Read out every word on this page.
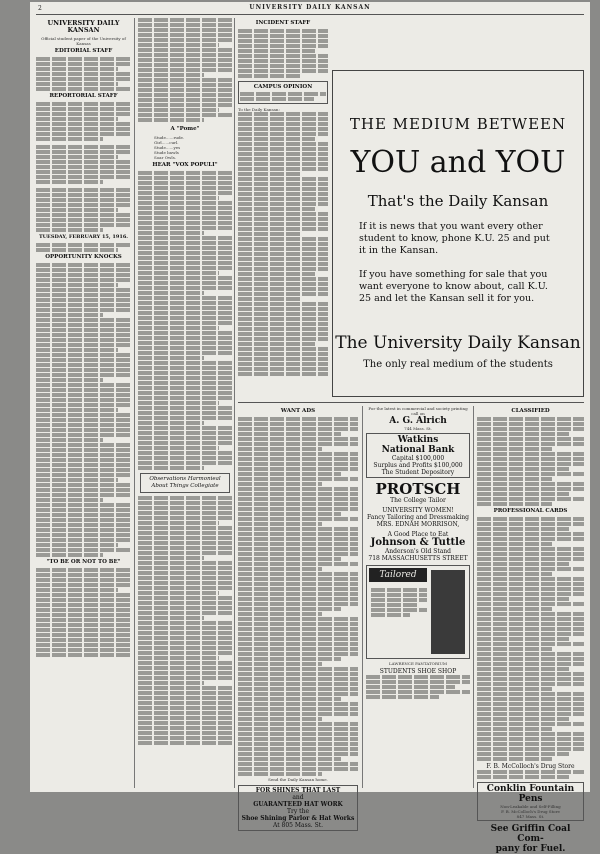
2	UNIVERSITY DAILY KANSAN
UNIVERSITY DAILY KANSAN
Official student paper of the University of Kansas
EDITORIAL STAFF
REPORTORIAL STAFF
TUESDAY, FEBRUARY 15, 1916.
OPPORTUNITY KNOCKS
"TO BE OR NOT TO BE"
A "Pome"
Stude......rude.
Girl......curl.
Stude......yes
Stude bawls
Soar Owls.
HEAR "VOX POPULI"
Observations Harmonieal About Things Collegiate
INCIDENT STAFF
CAMPUS OPINION
To the Daily Kansan:
THE MEDIUM BETWEEN
YOU and YOU
That's the Daily Kansan
If it is news that you want every other student to know, phone K.U. 25 and put it in the Kansan.
If you have something for sale that you want everyone to know about, call K.U. 25 and let the Kansan sell it for you.
The University Daily Kansan
The only real medium of the students
WANT ADS
Send the Daily Kansan home.
FOR SHINES THAT LAST
and
GUARANTEED HAT WORK
Try the
Shoe Shining Parlor & Hat Works
At 805 Mass. St.
For the latest in commercial and society printing call on
A. G. Alrich
744 Mass. St.
Watkins
National Bank
Capital $100,000
Surplus and Profits $100,000
The Student Depository
PROTSCH
The College Tailor
UNIVERSITY WOMEN!
Fancy Tailoring and Dressmaking
MRS. EDNAH MORRISON,
A Good Place to Eat
Johnson & Tuttle
Anderson's Old Stand
718 MASSACHUSETTS STREET
Tailored
LAWRENCE PANTATORIUM
STUDENTS SHOE SHOP
CLASSIFIED
PROFESSIONAL CARDS
F. B. McColloch's Drug Store
Conklin Fountain Pens
Non-Leakable and Self-Filling
F. B. McColloch's Drug Store
847 Mass. St.
See Griffin Coal Com-
pany for Fuel.
